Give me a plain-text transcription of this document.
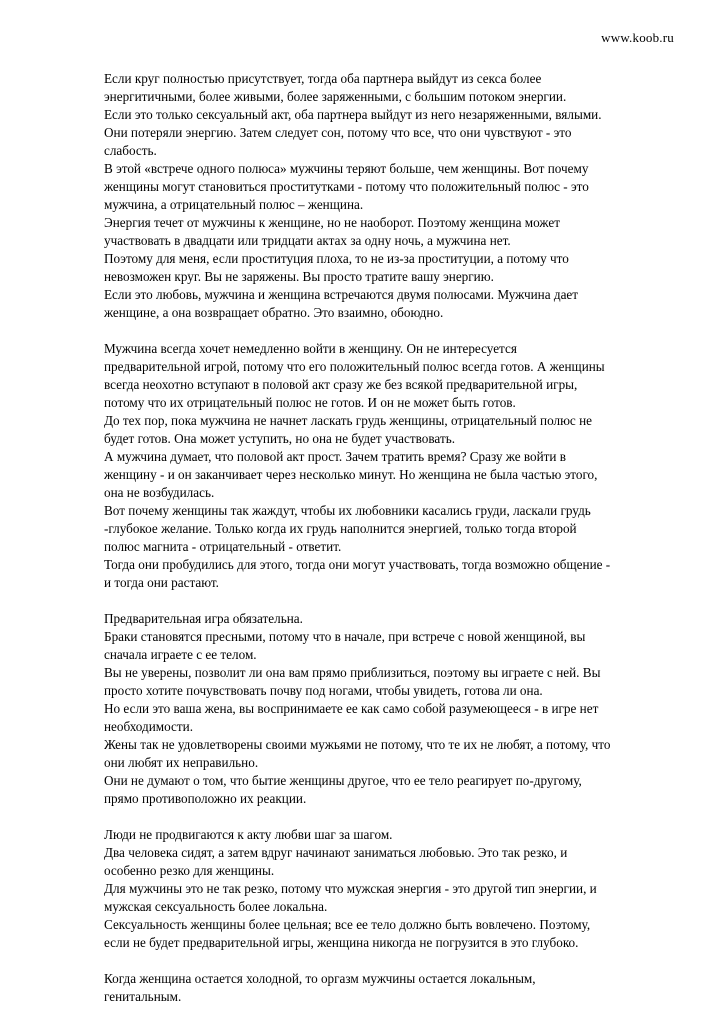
www.koob.ru
Если круг полностью присутствует, тогда оба партнера выйдут из секса более
энергитичными, более живыми, более заряженными, с большим потоком энергии.
Если это только сексуальный акт, оба партнера выйдут из него незаряженными, вялыми.
Они потеряли энергию. Затем следует сон, потому что все, что они чувствуют - это
слабость.
В этой «встрече одного полюса» мужчины теряют больше, чем женщины. Вот почему
женщины могут становиться проститутками - потому что положительный полюс - это
мужчина, а отрицательный полюс – женщина.
Энергия течет от мужчины к женщине, но не наоборот. Поэтому женщина может
участвовать в двадцати или тридцати актах за одну ночь, а мужчина нет.
Поэтому для меня, если проституция плоха, то не из-за проституции, а потому что
невозможен круг. Вы не заряжены. Вы просто тратите вашу энергию.
Если это любовь, мужчина и женщина встречаются двумя полюсами. Мужчина дает
женщине, а она возвращает обратно. Это взаимно, обоюдно.
Мужчина всегда хочет немедленно войти в женщину. Он не интересуется
предварительной игрой, потому что его положительный полюс всегда готов. А женщины
всегда неохотно вступают в половой акт сразу же без всякой предварительной игры,
потому что их отрицательный полюс не готов. И он не может быть готов.
До тех пор, пока мужчина не начнет ласкать грудь женщины, отрицательный полюс не
будет готов. Она может уступить, но она не будет участвовать.
А мужчина думает, что половой акт прост. Зачем тратить время? Сразу же войти в
женщину - и он заканчивает через несколько минут. Но женщина не была частью этого,
она не возбудилась.
Вот почему женщины так жаждут, чтобы их любовники касались груди, ласкали грудь
-глубокое желание. Только когда их грудь наполнится энергией, только тогда второй
полюс магнита - отрицательный - ответит.
Тогда они пробудились для этого, тогда они могут участвовать, тогда возможно общение -
и тогда они растают.
Предварительная игра обязательна.
Браки становятся пресными, потому что в начале, при встрече с новой женщиной, вы
сначала играете с ее телом.
Вы не уверены, позволит ли она вам прямо приблизиться, поэтому вы играете с ней. Вы
просто хотите почувствовать почву под ногами, чтобы увидеть, готова ли она.
Но если это ваша жена, вы воспринимаете ее как само собой разумеющееся - в игре нет
необходимости.
Жены так не удовлетворены своими мужьями не потому, что те их не любят, а потому, что
они любят их неправильно.
Они не думают о том, что бытие женщины другое, что ее тело реагирует по-другому,
прямо противоположно их реакции.
Люди не продвигаются к акту любви шаг за шагом.
Два человека сидят, а затем вдруг начинают заниматься любовью. Это так резко, и
особенно резко для женщины.
Для мужчины это не так резко, потому что мужская энергия - это другой тип энергии, и
мужская сексуальность более локальна.
Сексуальность женщины более цельная; все ее тело должно быть вовлечено. Поэтому,
если не будет предварительной игры, женщина никогда не погрузится в это глубоко.
Когда женщина остается холодной, то оргазм мужчины остается локальным,
генитальным.
